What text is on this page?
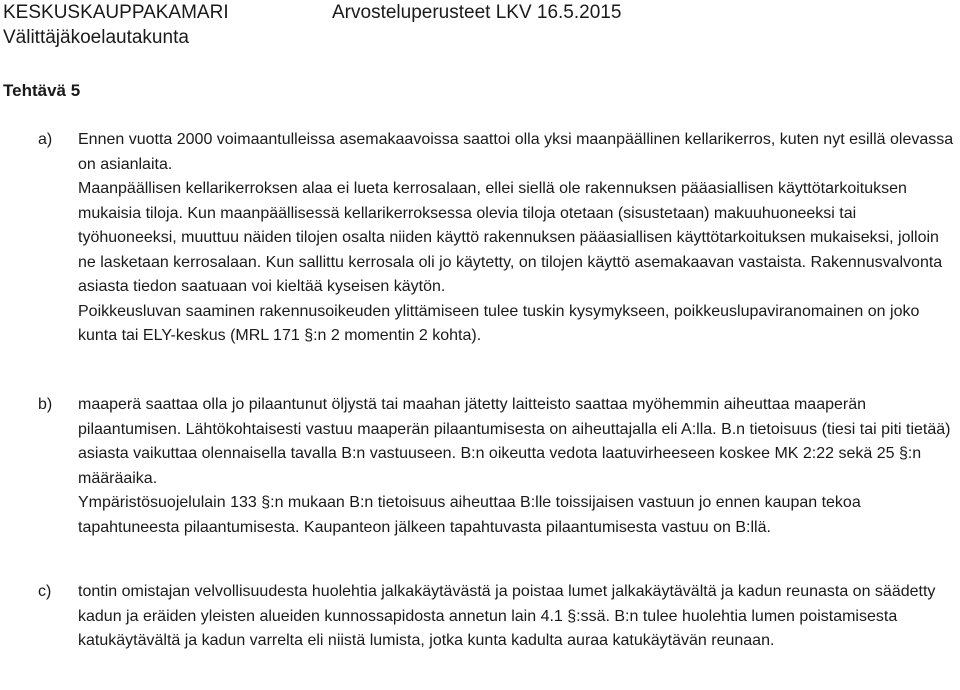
KESKUSKAUPPAKAMARI	Arvosteluperusteet LKV 16.5.2015
Välittäjäkoelautakunta
Tehtävä 5
a) Ennen vuotta 2000 voimaantulleissa asemakaavoissa saattoi olla yksi maanpäällinen kellarikerros, kuten nyt esillä olevassa on asianlaita.

Maanpäällisen kellarikerroksen alaa ei lueta kerrosalaan, ellei siellä ole rakennuksen pääasiallisen käyttötarkoituksen mukaisia tiloja. Kun maanpäällisessä kellarikerroksessa olevia tiloja otetaan (sisustetaan) makuuhuoneeksi tai työhuoneeksi, muuttuu näiden tilojen osalta niiden käyttö rakennuksen pääasiallisen käyttötarkoituksen mukaiseksi, jolloin ne lasketaan kerrosalaan. Kun sallittu kerrosala oli jo käytetty, on tilojen käyttö asemakaavan vastaista. Rakennusvalvonta asiasta tiedon saatuaan voi kieltää kyseisen käytön.

Poikkeusluvan saaminen rakennusoikeuden ylittämiseen tulee tuskin kysymykseen, poikkeuslupaviranomainen on joko kunta tai ELY-keskus (MRL 171 §:n 2 momentin 2 kohta).

b) maaperä saattaa olla jo pilaantunut öljystä tai maahan jätetty laitteisto saattaa myöhemmin aiheuttaa maaperän pilaantumisen. Lähtökohtaisesti vastuu maaperän pilaantumisesta on aiheuttajalla eli A:lla. B.n tietoisuus (tiesi tai piti tietää) asiasta vaikuttaa olennaisella tavalla B:n vastuuseen. B:n oikeutta vedota laatuvirheeseen koskee MK 2:22 sekä 25 §:n määräaika.

Ympäristösuojelulain 133 §:n mukaan B:n tietoisuus aiheuttaa B:lle toissijaisen vastuun jo ennen kaupan tekoa tapahtuneesta pilaantumisesta. Kaupanteon jälkeen tapahtuvasta pilaantumisesta vastuu on B:llä.

c) tontin omistajan velvollisuudesta huolehtia jalkakäytävästä ja poistaa lumet jalkakäytävältä ja kadun reunasta on säädetty kadun ja eräiden yleisten alueiden kunnossapidosta annetun lain 4.1 §:ssä. B:n tulee huolehtia lumen poistamisesta katukäytävältä ja kadun varrelta eli niistä lumista, jotka kunta kadulta auraa katukäytävän reunaan.
